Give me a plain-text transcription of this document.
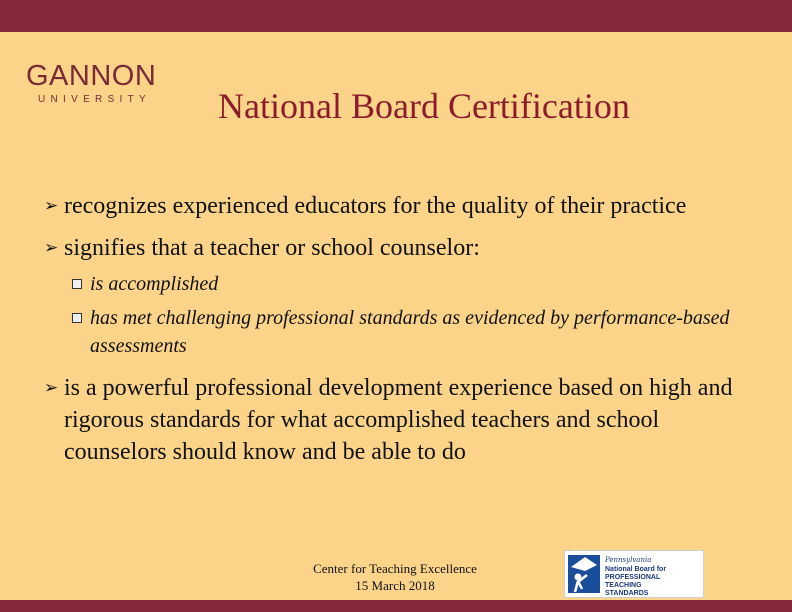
GANNON
UNIVERSITY National Board Certification

➢ recognizes experienced educators for the quality of their practice

➢ signifies that a teacher or school counselor:

is accomplished

has met challenging professional standards as evidenced by performance-based assessments

➢ is a powerful professional development experience based on high and rigorous standards for what accomplished teachers and school counselors should know and be able to do

Center for Teaching Excellence
15 March 2018
Pennsylvania
National Board for
PROFESSIONAL
TEACHING
STANDARDS
